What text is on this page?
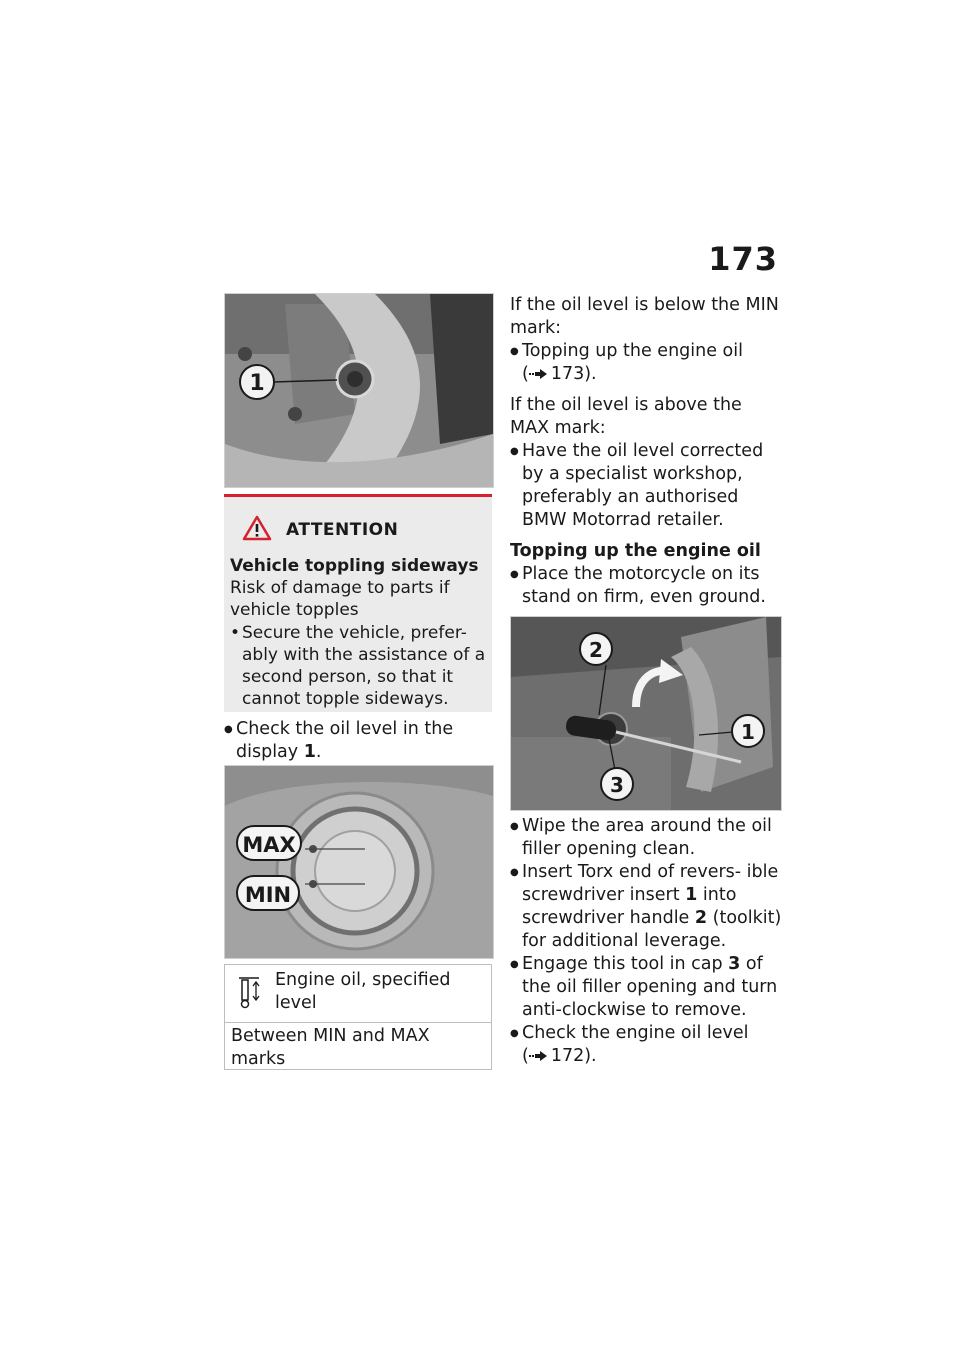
173
1
ATTENTION
Vehicle toppling sideways
Risk of damage to parts if vehicle topples
• Secure the vehicle, prefer- ably with the assistance of a second person, so that it cannot topple sideways.
● Check the oil level in the display 1.
MAX
MIN
Engine oil, specified level
Between MIN and MAX marks
If the oil level is below the MIN mark:
● Topping up the engine oil
( 173).
If the oil level is above the MAX mark:
● Have the oil level corrected by a specialist workshop, preferably an authorised BMW Motorrad retailer.
Topping up the engine oil
● Place the motorcycle on its stand on firm, even ground.
2
1
3
● Wipe the area around the oil filler opening clean.
● Insert Torx end of revers- ible screwdriver insert 1 into screwdriver handle 2 (toolkit) for additional leverage.
● Engage this tool in cap 3 of the oil filler opening and turn anti-clockwise to remove.
● Check the engine oil level
( 172).
